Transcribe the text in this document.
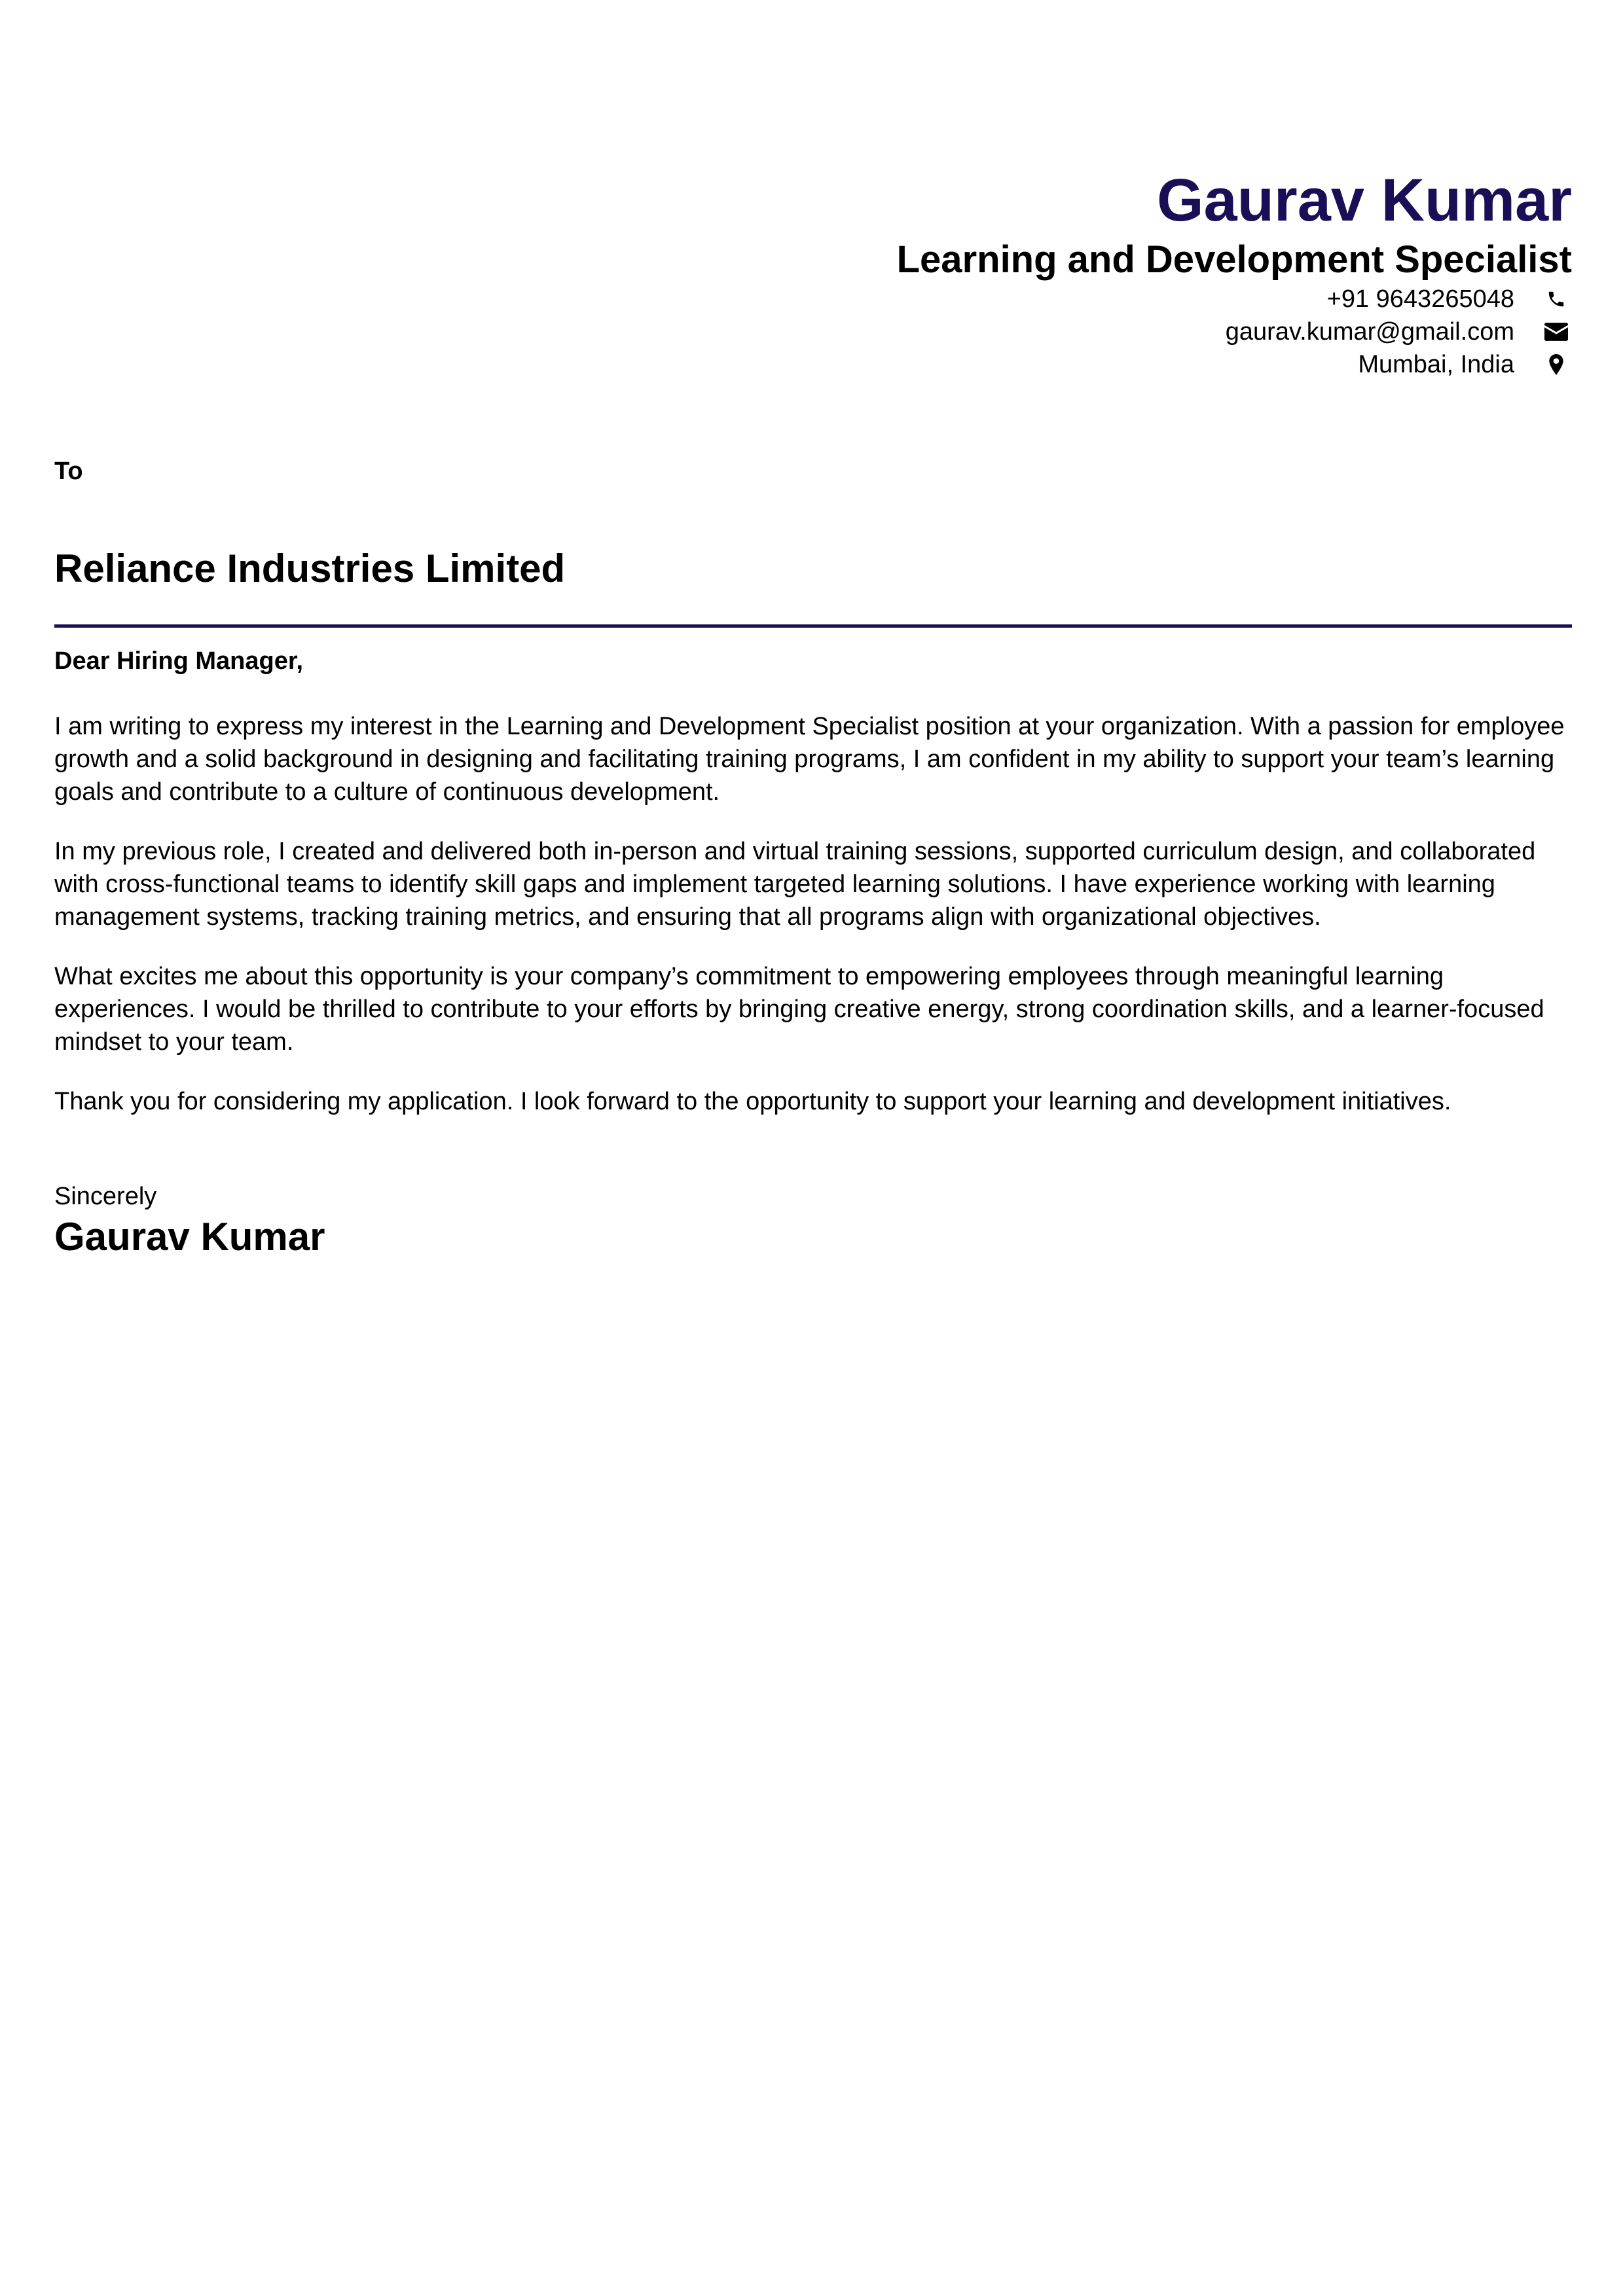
Gaurav Kumar
Learning and Development Specialist
+91 9643265048
gaurav.kumar@gmail.com
Mumbai, India
To
Reliance Industries Limited

Dear Hiring Manager,

I am writing to express my interest in the Learning and Development Specialist position at your organization. With a passion for employee growth and a solid background in designing and facilitating training programs, I am confident in my ability to support your team’s learning goals and contribute to a culture of continuous development.

In my previous role, I created and delivered both in-person and virtual training sessions, supported curriculum design, and collaborated with cross-functional teams to identify skill gaps and implement targeted learning solutions. I have experience working with learning management systems, tracking training metrics, and ensuring that all programs align with organizational objectives.

What excites me about this opportunity is your company’s commitment to empowering employees through meaningful learning experiences. I would be thrilled to contribute to your efforts by bringing creative energy, strong coordination skills, and a learner-focused mindset to your team.

Thank you for considering my application. I look forward to the opportunity to support your learning and development initiatives.

Sincerely
Gaurav Kumar
